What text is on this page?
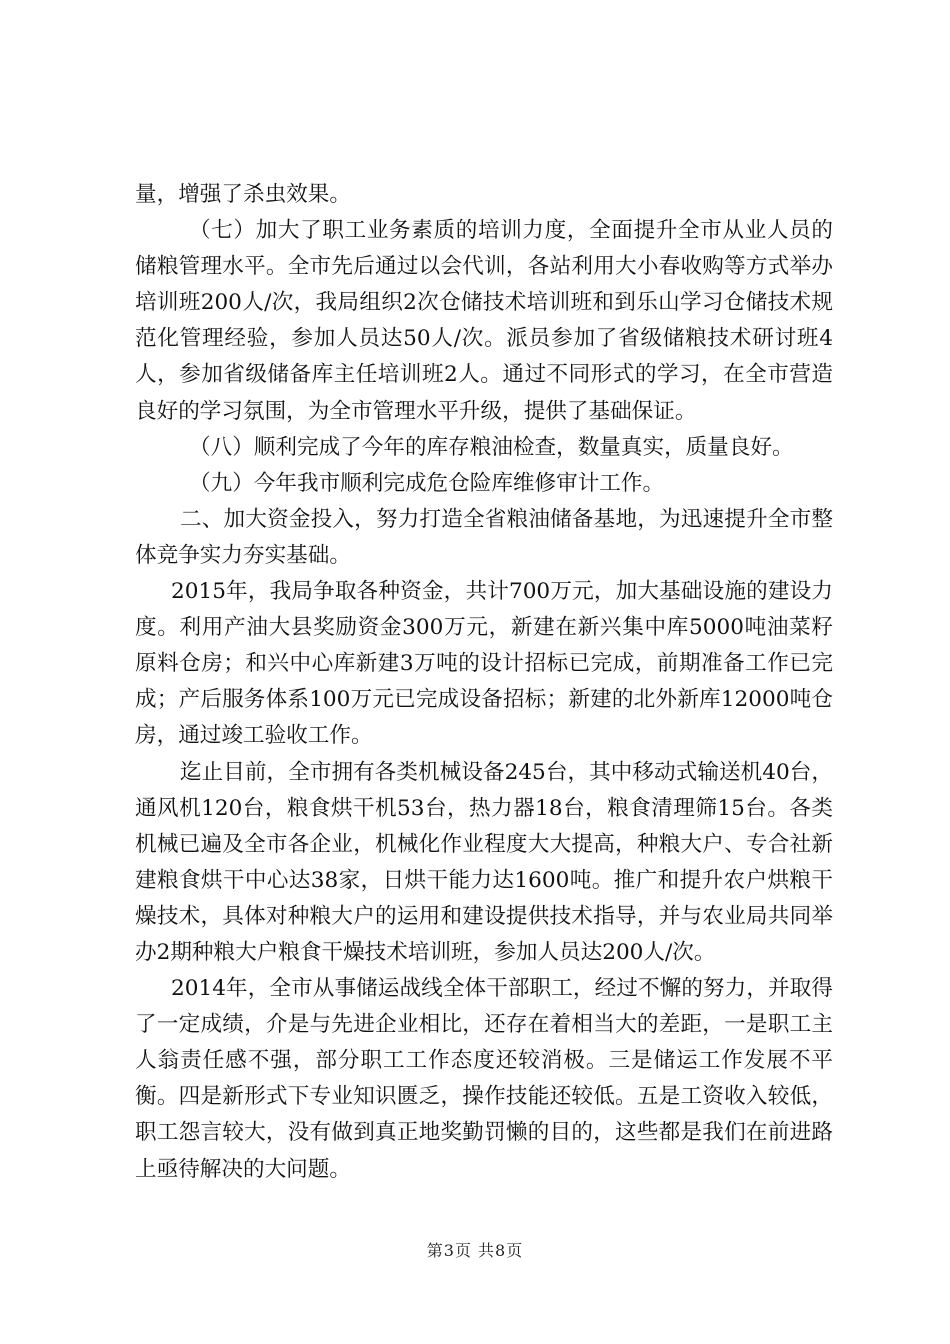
量，增强了杀虫效果。

（七）加大了职工业务素质的培训力度，全面提升全市从业人员的储粮管理水平。全市先后通过以会代训，各站利用大小春收购等方式举办培训班200人/次，我局组织2次仓储技术培训班和到乐山学习仓储技术规范化管理经验，参加人员达50人/次。派员参加了省级储粮技术研讨班4人，参加省级储备库主任培训班2人。通过不同形式的学习，在全市营造良好的学习氛围，为全市管理水平升级，提供了基础保证。

（八）顺利完成了今年的库存粮油检查，数量真实，质量良好。

（九）今年我市顺利完成危仓险库维修审计工作。

二、加大资金投入，努力打造全省粮油储备基地，为迅速提升全市整体竞争实力夯实基础。

2015年，我局争取各种资金，共计700万元，加大基础设施的建设力度。利用产油大县奖励资金300万元，新建在新兴集中库5000吨油菜籽原料仓房；和兴中心库新建3万吨的设计招标已完成，前期准备工作已完成；产后服务体系100万元已完成设备招标；新建的北外新库12000吨仓房，通过竣工验收工作。

迄止目前，全市拥有各类机械设备245台，其中移动式输送机40台，通风机120台，粮食烘干机53台，热力器18台，粮食清理筛15台。各类机械已遍及全市各企业，机械化作业程度大大提高，种粮大户、专合社新建粮食烘干中心达38家，日烘干能力达1600吨。推广和提升农户烘粮干燥技术，具体对种粮大户的运用和建设提供技术指导，并与农业局共同举办2期种粮大户粮食干燥技术培训班，参加人员达200人/次。

2014年，全市从事储运战线全体干部职工，经过不懈的努力，并取得了一定成绩，介是与先进企业相比，还存在着相当大的差距，一是职工主人翁责任感不强，部分职工工作态度还较消极。三是储运工作发展不平衡。四是新形式下专业知识匮乏，操作技能还较低。五是工资收入较低，职工怨言较大，没有做到真正地奖勤罚懒的目的，这些都是我们在前进路上亟待解决的大问题。

第3页 共8页
